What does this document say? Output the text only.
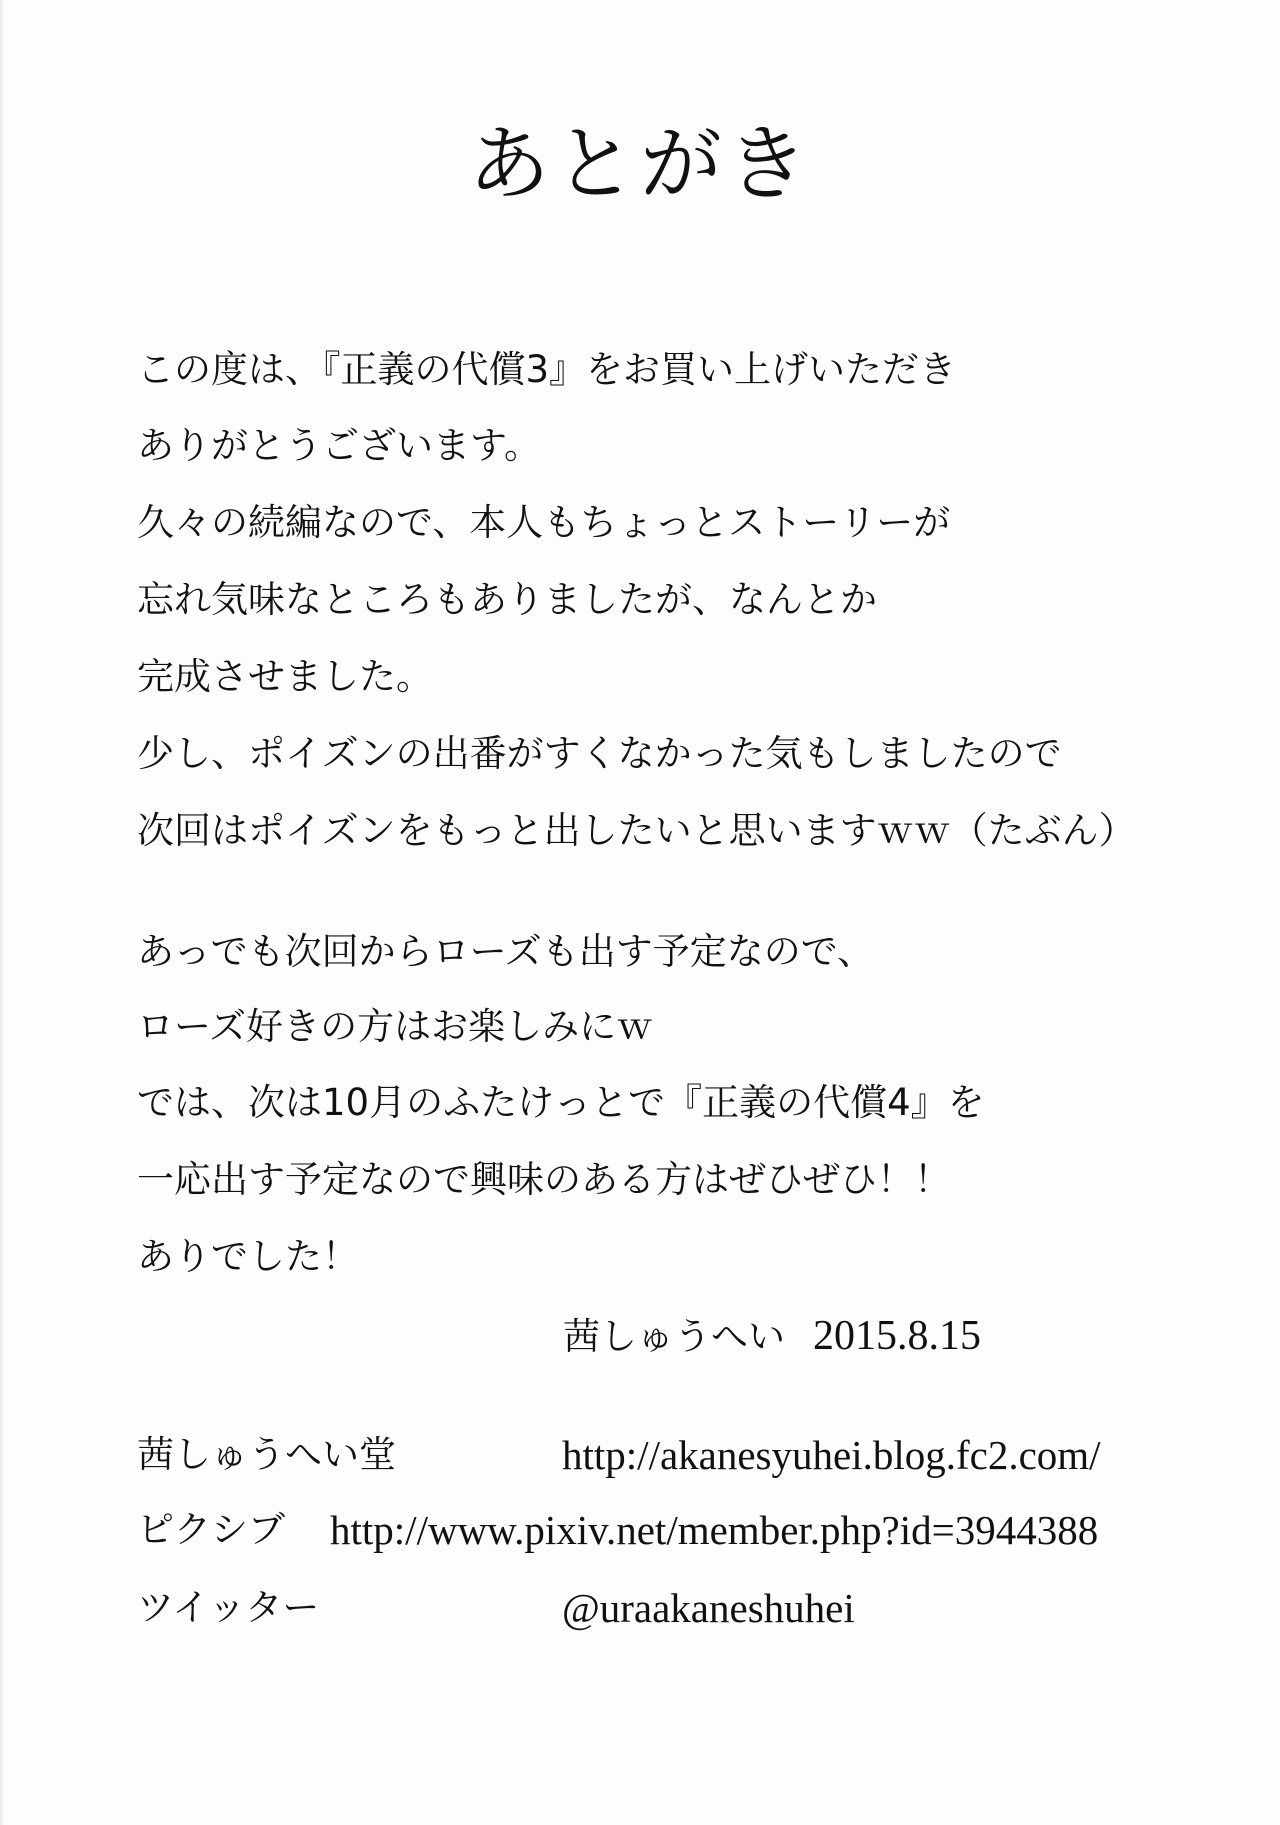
あとがき
この度は、『正義の代償3』をお買い上げいただき
ありがとうございます。
久々の続編なので、本人もちょっとストーリーが
忘れ気味なところもありましたが、なんとか
完成させました。
少し、ポイズンの出番がすくなかった気もしましたので
次回はポイズンをもっと出したいと思いますｗｗ（たぶん）
あっでも次回からローズも出す予定なので、
ローズ好きの方はお楽しみにｗ
では、次は10月のふたけっとで『正義の代償4』を
一応出す予定なので興味のある方はぜひぜひ！！
ありでした！
茜しゅうへい 2015.8.15
茜しゅうへい堂	http://akanesyuhei.blog.fc2.com/
ピクシブ http://www.pixiv.net/member.php?id=3944388
ツイッター	@uraakaneshuhei
